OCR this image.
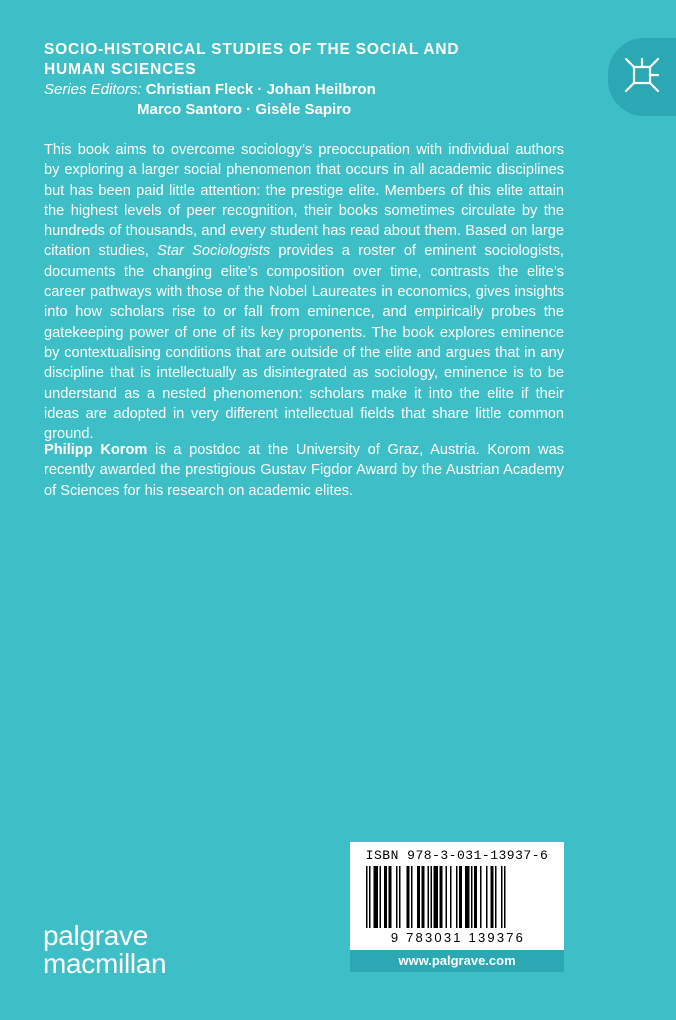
SOCIO-HISTORICAL STUDIES OF THE SOCIAL AND HUMAN SCIENCES

Series Editors: Christian Fleck · Johan Heilbron
Marco Santoro · Gisèle Sapiro

This book aims to overcome sociology’s preoccupation with individual authors by exploring a larger social phenomenon that occurs in all academic disciplines but has been paid little attention: the prestige elite. Members of this elite attain the highest levels of peer recognition, their books sometimes circulate by the hundreds of thousands, and every student has read about them. Based on large citation studies, Star Sociologists provides a roster of eminent sociologists, documents the changing elite’s composition over time, contrasts the elite’s career pathways with those of the Nobel Laureates in economics, gives insights into how scholars rise to or fall from eminence, and empirically probes the gatekeeping power of one of its key proponents. The book explores eminence by contextualising conditions that are outside of the elite and argues that in any discipline that is intellectually as disintegrated as sociology, eminence is to be understand as a nested phenomenon: scholars make it into the elite if their ideas are adopted in very different intellectual fields that share little common ground.

Philipp Korom is a postdoc at the University of Graz, Austria. Korom was recently awarded the prestigious Gustav Figdor Award by the Austrian Academy of Sciences for his research on academic elites.

palgrave
macmillan
ISBN 978-3-031-13937-6
9 783031 139376
www.palgrave.com
